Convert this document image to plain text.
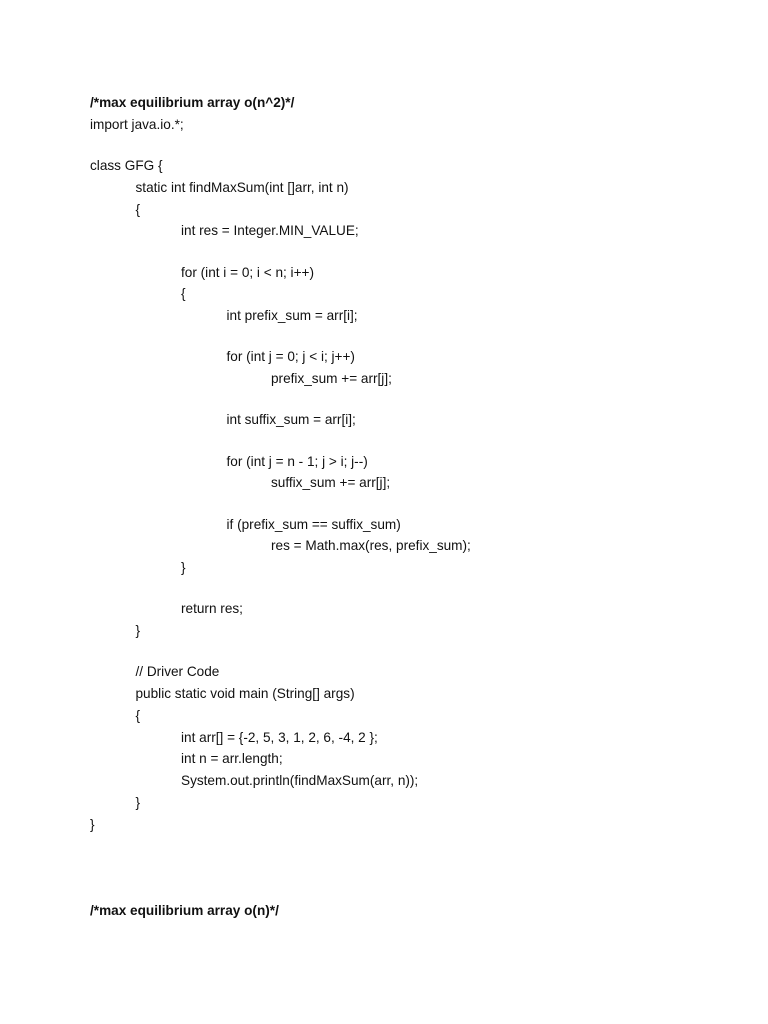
/*max equilibrium array o(n^2)*/
import java.io.*;
class GFG {
static int findMaxSum(int []arr, int n)
{
int res = Integer.MIN_VALUE;
for (int i = 0; i < n; i++)
{
int prefix_sum = arr[i];
for (int j = 0; j < i; j++)
prefix_sum += arr[j];
int suffix_sum = arr[i];
for (int j = n - 1; j > i; j--)
suffix_sum += arr[j];
if (prefix_sum == suffix_sum)
res = Math.max(res, prefix_sum);
}
return res;
}
// Driver Code
public static void main (String[] args)
{
int arr[] = {-2, 5, 3, 1, 2, 6, -4, 2 };
int n = arr.length;
System.out.println(findMaxSum(arr, n));
}
}
/*max equilibrium array o(n)*/
